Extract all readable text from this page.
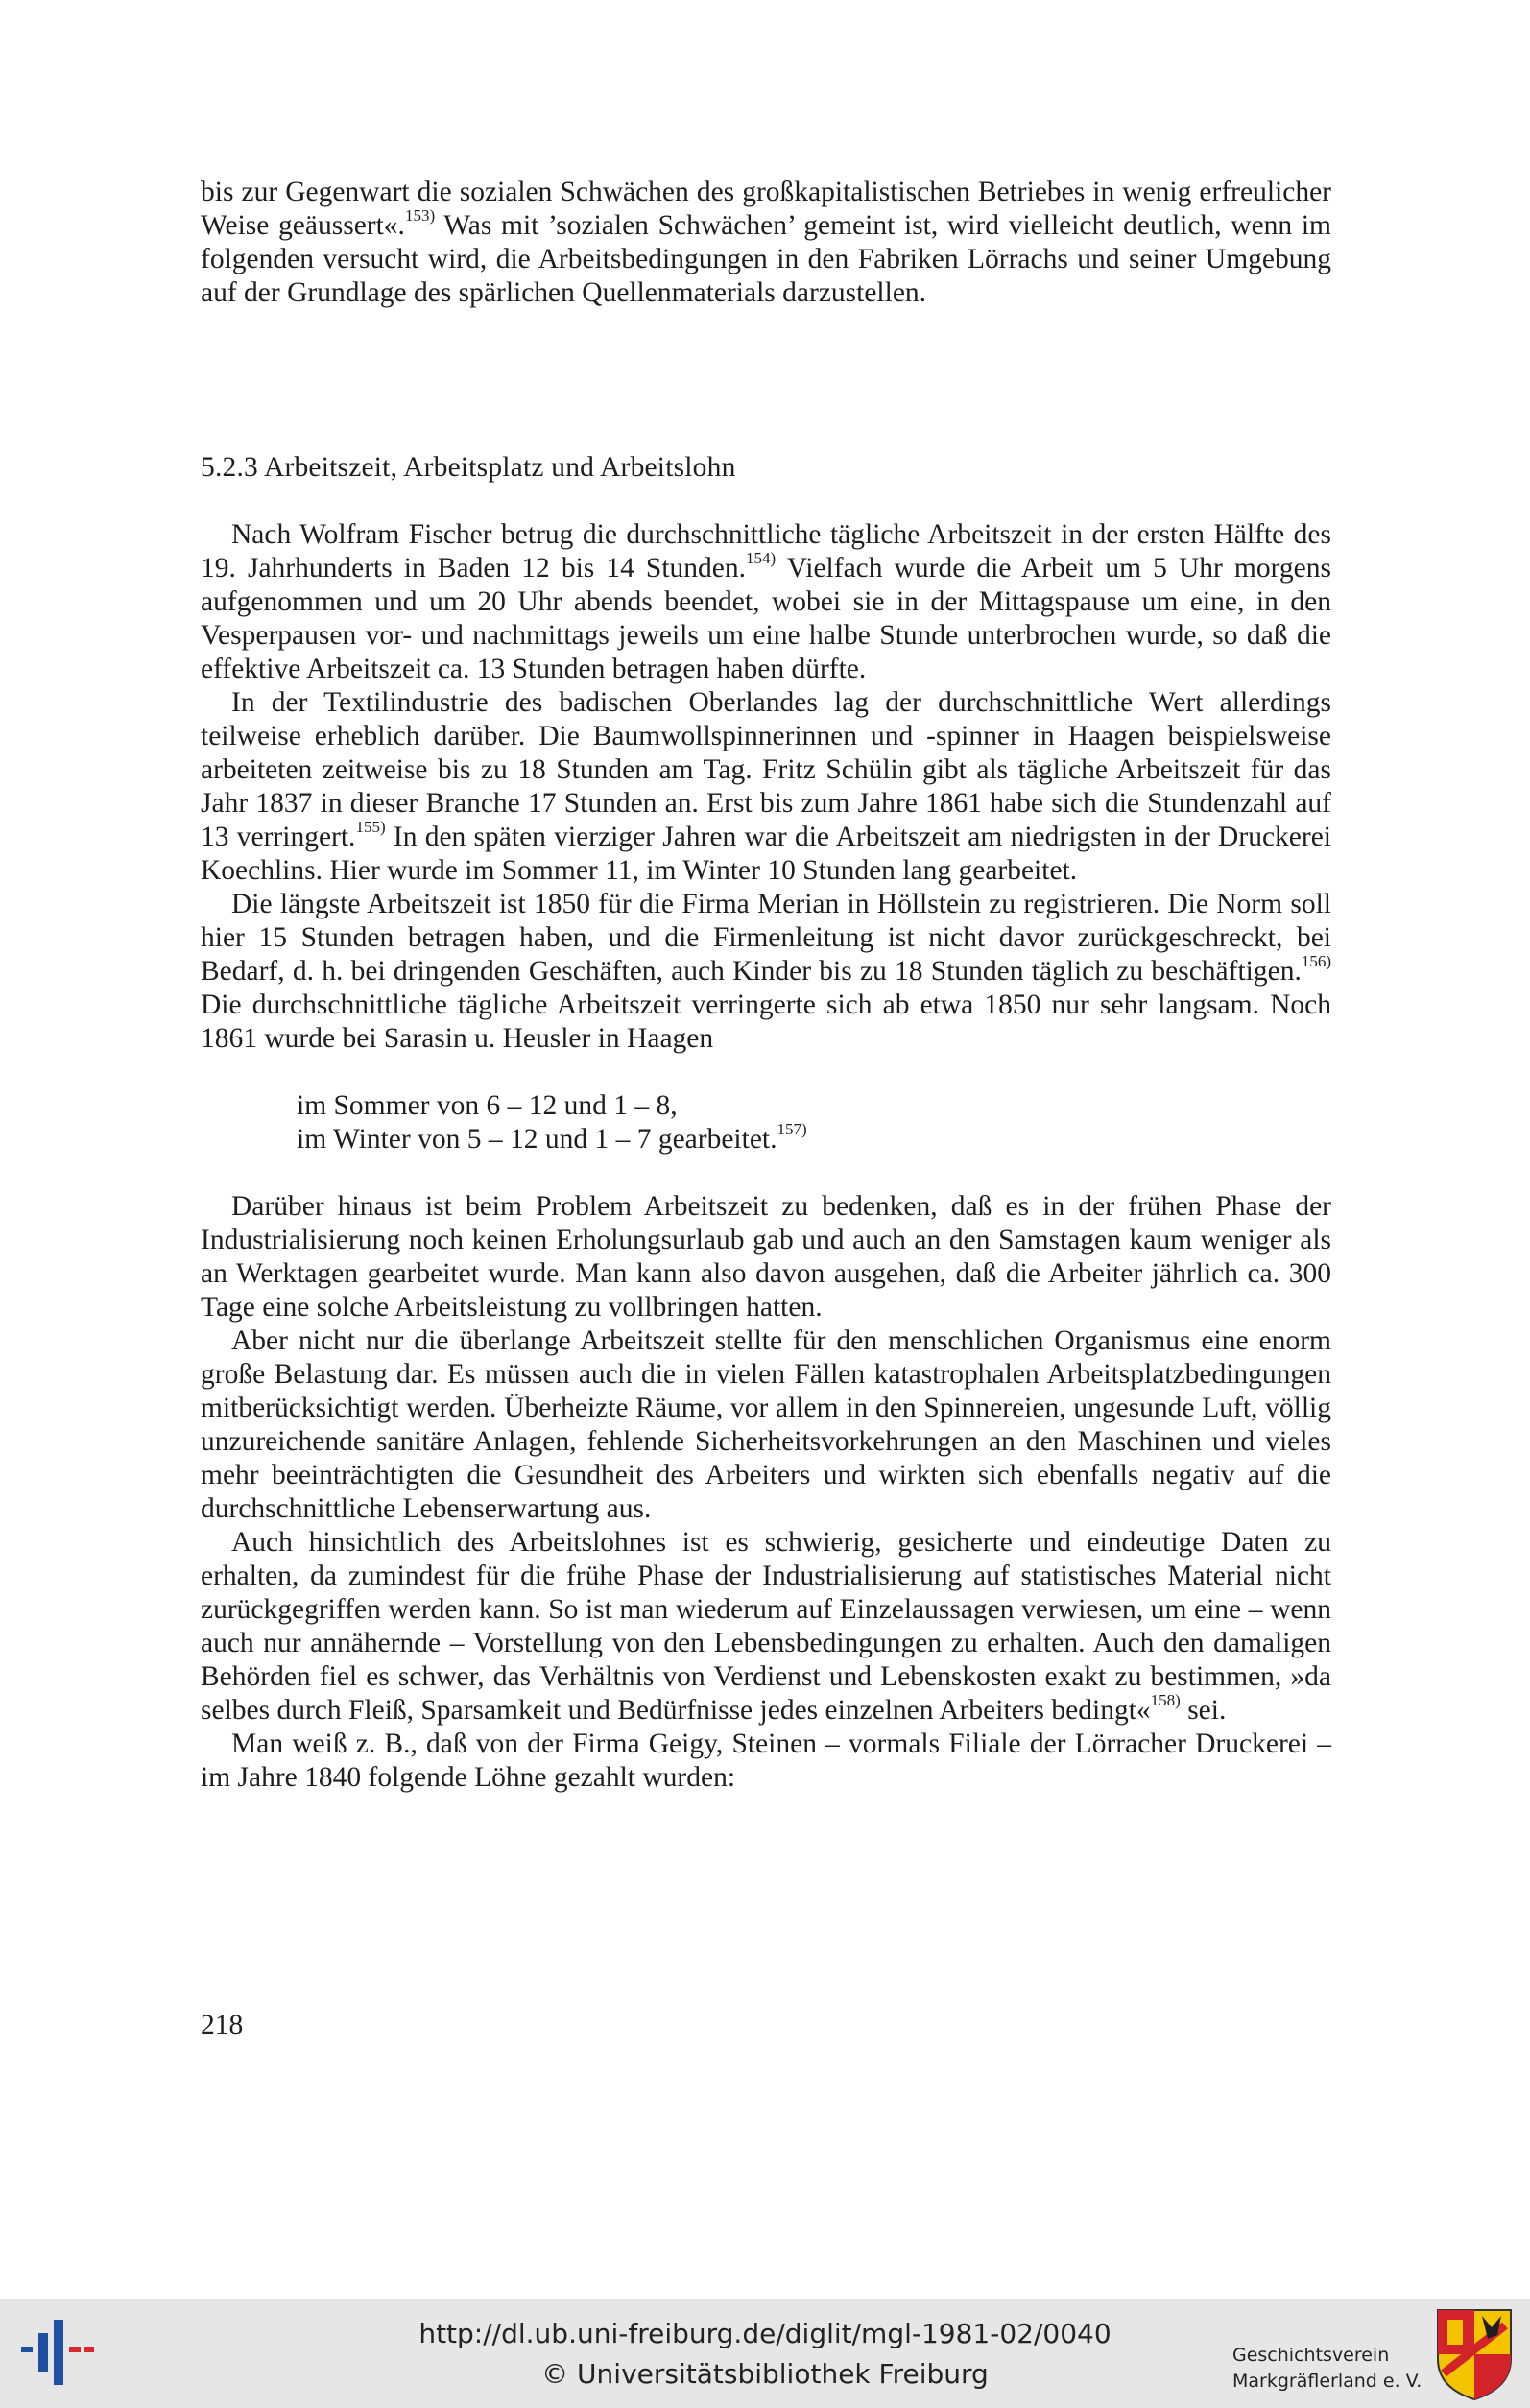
bis zur Gegenwart die sozialen Schwächen des großkapitalistischen Betriebes in wenig erfreulicher Weise geäussert«.$^{153)}$ Was mit ’sozialen Schwächen’ gemeint ist, wird vielleicht deutlich, wenn im folgenden versucht wird, die Arbeitsbedingungen in den Fabriken Lörrachs und seiner Umgebung auf der Grundlage des spärlichen Quellenmaterials darzustellen.

5.2.3 Arbeitszeit, Arbeitsplatz und Arbeitslohn

Nach Wolfram Fischer betrug die durchschnittliche tägliche Arbeitszeit in der ersten Hälfte des 19. Jahrhunderts in Baden 12 bis 14 Stunden.$^{154)}$ Vielfach wurde die Arbeit um 5 Uhr morgens aufgenommen und um 20 Uhr abends beendet, wobei sie in der Mittagspause um eine, in den Vesperpausen vor- und nachmittags jeweils um eine halbe Stunde unterbrochen wurde, so daß die effektive Arbeitszeit ca. 13 Stunden betragen haben dürfte.

In der Textilindustrie des badischen Oberlandes lag der durchschnittliche Wert allerdings teilweise erheblich darüber. Die Baumwollspinnerinnen und -spinner in Haagen beispielsweise arbeiteten zeitweise bis zu 18 Stunden am Tag. Fritz Schülin gibt als tägliche Arbeitszeit für das Jahr 1837 in dieser Branche 17 Stunden an. Erst bis zum Jahre 1861 habe sich die Stundenzahl auf 13 verringert.$^{155)}$ In den späten vierziger Jahren war die Arbeitszeit am niedrigsten in der Druckerei Koechlins. Hier wurde im Sommer 11, im Winter 10 Stunden lang gearbeitet.

Die längste Arbeitszeit ist 1850 für die Firma Merian in Höllstein zu registrieren. Die Norm soll hier 15 Stunden betragen haben, und die Firmenleitung ist nicht davor zurückgeschreckt, bei Bedarf, d. h. bei dringenden Geschäften, auch Kinder bis zu 18 Stunden täglich zu beschäftigen.$^{156)}$ Die durchschnittliche tägliche Arbeitszeit verringerte sich ab etwa 1850 nur sehr langsam. Noch 1861 wurde bei Sarasin u. Heusler in Haagen

im Sommer von 6 – 12 und 1 – 8,
im Winter von 5 – 12 und 1 – 7 gearbeitet.$^{157)}$

Darüber hinaus ist beim Problem Arbeitszeit zu bedenken, daß es in der frühen Phase der Industrialisierung noch keinen Erholungsurlaub gab und auch an den Samstagen kaum weniger als an Werktagen gearbeitet wurde. Man kann also davon ausgehen, daß die Arbeiter jährlich ca. 300 Tage eine solche Arbeitsleistung zu vollbringen hatten.

Aber nicht nur die überlange Arbeitszeit stellte für den menschlichen Organismus eine enorm große Belastung dar. Es müssen auch die in vielen Fällen katastrophalen Arbeitsplatzbedingungen mitberücksichtigt werden. Überheizte Räume, vor allem in den Spinnereien, ungesunde Luft, völlig unzureichende sanitäre Anlagen, fehlende Sicherheitsvorkehrungen an den Maschinen und vieles mehr beeinträchtigten die Gesundheit des Arbeiters und wirkten sich ebenfalls negativ auf die durchschnittliche Lebenserwartung aus.

Auch hinsichtlich des Arbeitslohnes ist es schwierig, gesicherte und eindeutige Daten zu erhalten, da zumindest für die frühe Phase der Industrialisierung auf statistisches Material nicht zurückgegriffen werden kann. So ist man wiederum auf Einzelaussagen verwiesen, um eine – wenn auch nur annähernde – Vorstellung von den Lebensbedingungen zu erhalten. Auch den damaligen Behörden fiel es schwer, das Verhältnis von Verdienst und Lebenskosten exakt zu bestimmen, »da selbes durch Fleiß, Sparsamkeit und Bedürfnisse jedes einzelnen Arbeiters bedingt«$^{158)}$ sei.

Man weiß z. B., daß von der Firma Geigy, Steinen – vormals Filiale der Lörracher Druckerei – im Jahre 1840 folgende Löhne gezahlt wurden:

218
http://dl.ub.uni-freiburg.de/diglit/mgl-1981-02/0040
© Universitätsbibliothek Freiburg
Geschichtsverein
Markgräflerland e. V.
